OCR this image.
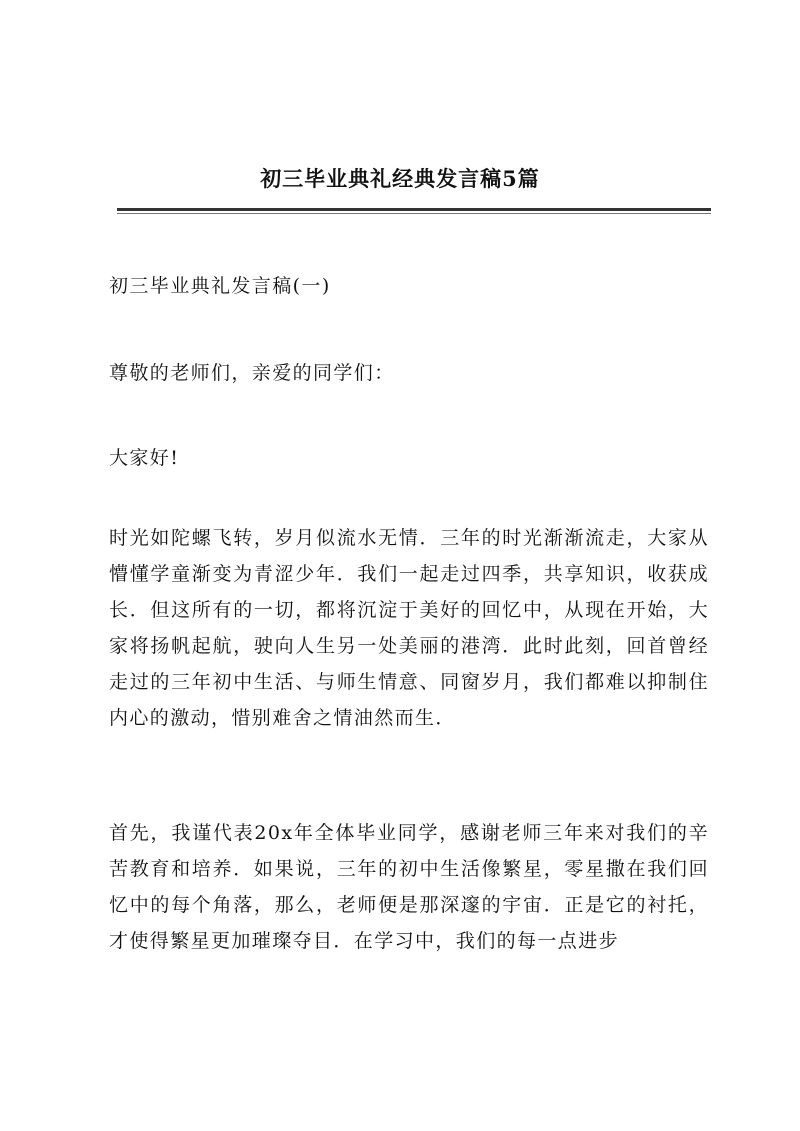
初三毕业典礼经典发言稿5篇

初三毕业典礼发言稿(一)

尊敬的老师们，亲爱的同学们：

大家好!

时光如陀螺飞转，岁月似流水无情．三年的时光渐渐流走，大家从懵懂学童渐变为青涩少年．我们一起走过四季，共享知识，收获成长．但这所有的一切，都将沉淀于美好的回忆中，从现在开始，大家将扬帆起航，驶向人生另一处美丽的港湾．此时此刻，回首曾经走过的三年初中生活、与师生情意、同窗岁月，我们都难以抑制住内心的激动，惜别难舍之情油然而生．

首先，我谨代表20x年全体毕业同学，感谢老师三年来对我们的辛苦教育和培养．如果说，三年的初中生活像繁星，零星撒在我们回忆中的每个角落，那么，老师便是那深邃的宇宙．正是它的衬托，才使得繁星更加璀璨夺目．在学习中，我们的每一点进步
